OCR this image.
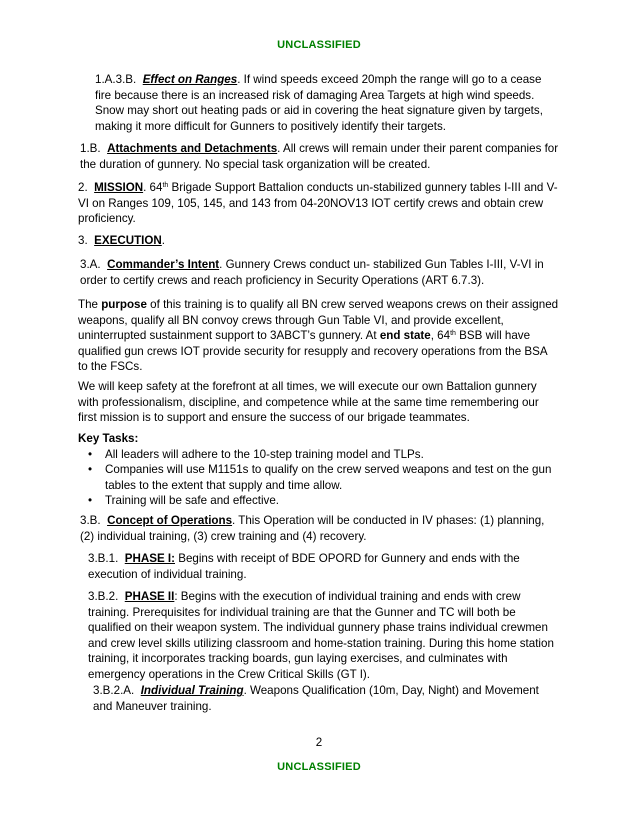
UNCLASSIFIED

1.A.3.B. Effect on Ranges. If wind speeds exceed 20mph the range will go to a cease fire because there is an increased risk of damaging Area Targets at high wind speeds. Snow may short out heating pads or aid in covering the heat signature given by targets, making it more difficult for Gunners to positively identify their targets.

1.B. Attachments and Detachments. All crews will remain under their parent companies for the duration of gunnery. No special task organization will be created.

2. MISSION. 64th Brigade Support Battalion conducts un-stabilized gunnery tables I-III and V-VI on Ranges 109, 105, 145, and 143 from 04-20NOV13 IOT certify crews and obtain crew proficiency.

3. EXECUTION.

3.A. Commander’s Intent. Gunnery Crews conduct un- stabilized Gun Tables I-III, V-VI in order to certify crews and reach proficiency in Security Operations (ART 6.7.3).

The purpose of this training is to qualify all BN crew served weapons crews on their assigned weapons, qualify all BN convoy crews through Gun Table VI, and provide excellent, uninterrupted sustainment support to 3ABCT’s gunnery. At end state, 64th BSB will have qualified gun crews IOT provide security for resupply and recovery operations from the BSA to the FSCs.

We will keep safety at the forefront at all times, we will execute our own Battalion gunnery with professionalism, discipline, and competence while at the same time remembering our first mission is to support and ensure the success of our brigade teammates.

Key Tasks:
• All leaders will adhere to the 10-step training model and TLPs.
• Companies will use M1151s to qualify on the crew served weapons and test on the gun tables to the extent that supply and time allow.
• Training will be safe and effective.

3.B. Concept of Operations. This Operation will be conducted in IV phases: (1) planning, (2) individual training, (3) crew training and (4) recovery.

3.B.1. PHASE I: Begins with receipt of BDE OPORD for Gunnery and ends with the execution of individual training.

3.B.2. PHASE II: Begins with the execution of individual training and ends with crew training. Prerequisites for individual training are that the Gunner and TC will both be qualified on their weapon system. The individual gunnery phase trains individual crewmen and crew level skills utilizing classroom and home-station training. During this home station training, it incorporates tracking boards, gun laying exercises, and culminates with emergency operations in the Crew Critical Skills (GT I).

3.B.2.A. Individual Training. Weapons Qualification (10m, Day, Night) and Movement and Maneuver training.

2
UNCLASSIFIED
